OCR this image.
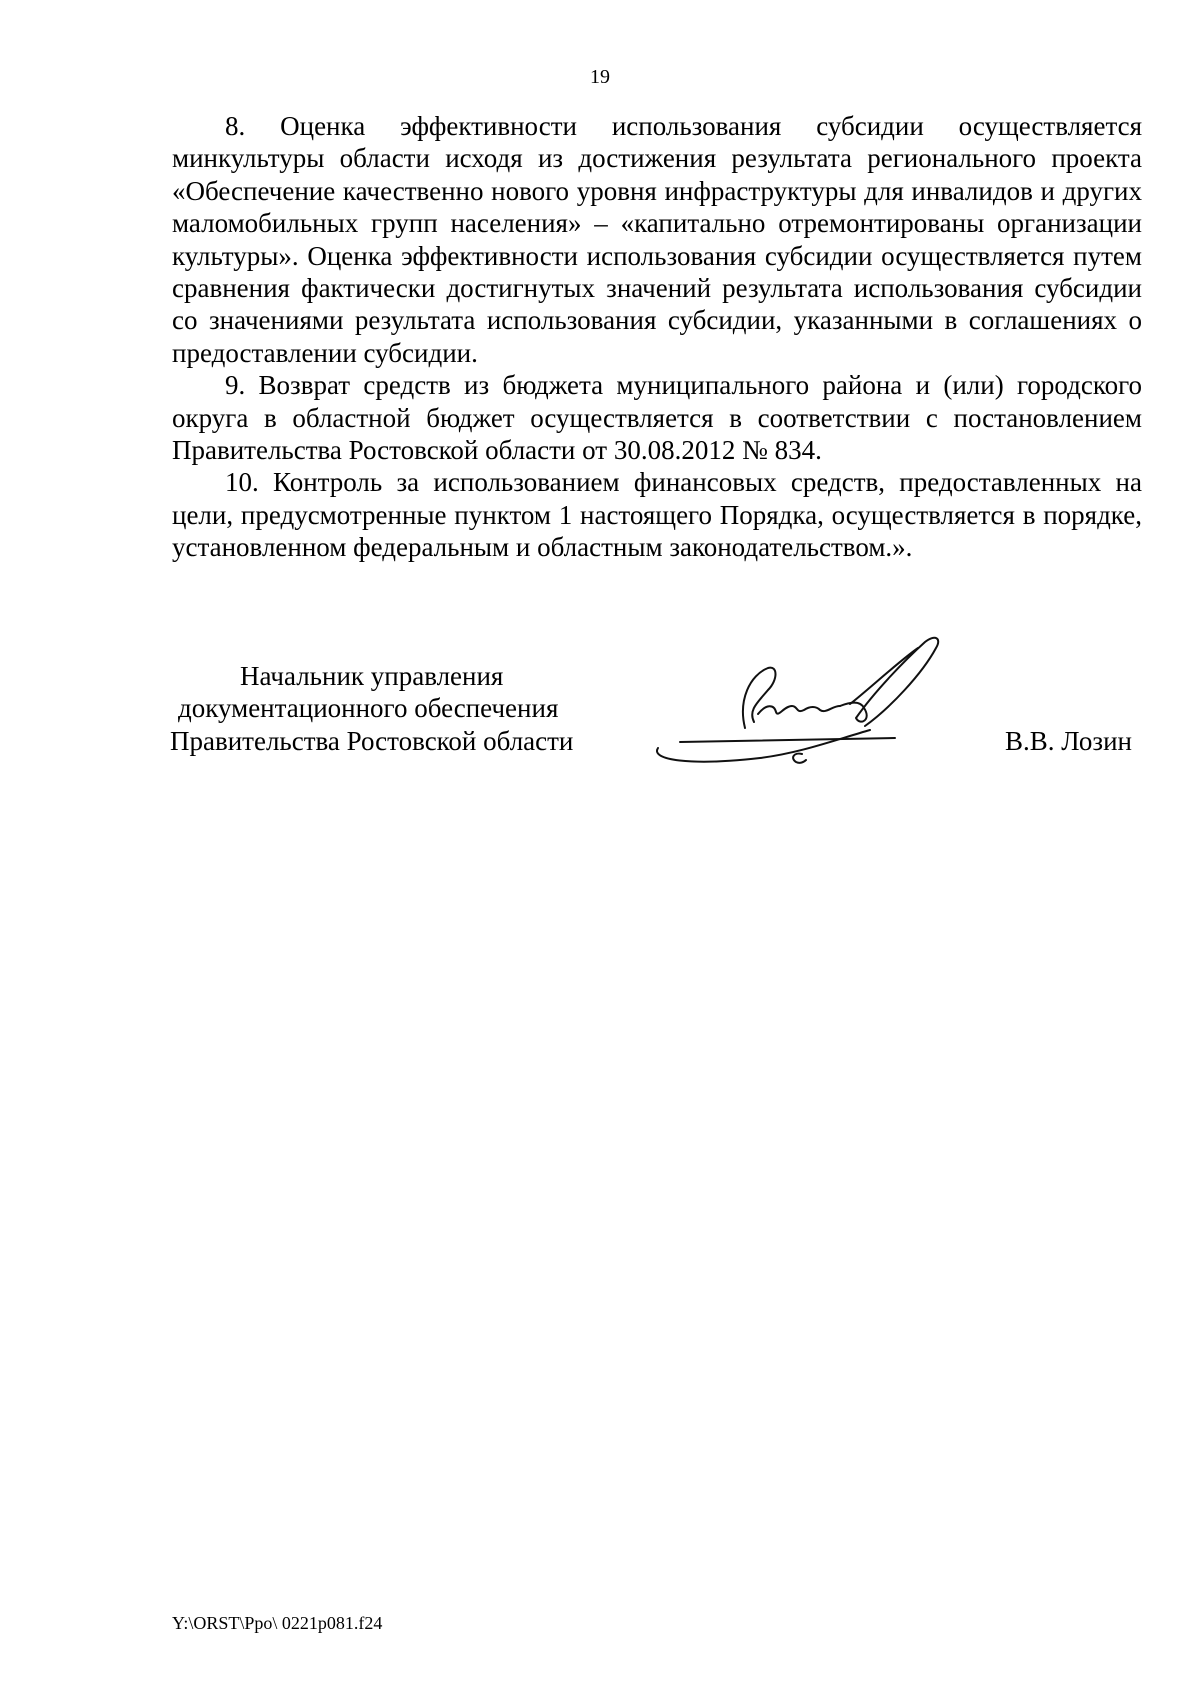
19

8. Оценка эффективности использования субсидии осуществляется минкультуры области исходя из достижения результата регионального проекта «Обеспечение качественно нового уровня инфраструктуры для инвалидов и других маломобильных групп населения» – «капитально отремонтированы организации культуры». Оценка эффективности использования субсидии осуществляется путем сравнения фактически достигнутых значений результата использования субсидии со значениями результата использования субсидии, указанными в соглашениях о предоставлении субсидии.

9. Возврат средств из бюджета муниципального района и (или) городского округа в областной бюджет осуществляется в соответствии с постановлением Правительства Ростовской области от 30.08.2012 № 834.

10. Контроль за использованием финансовых средств, предоставленных на цели, предусмотренные пунктом 1 настоящего Порядка, осуществляется в порядке, установленном федеральным и областным законодательством.».

Начальник управления
документационного обеспечения
Правительства Ростовской области	В.В. Лозин
Y:\ORST\Ppo\ 0221p081.f24
